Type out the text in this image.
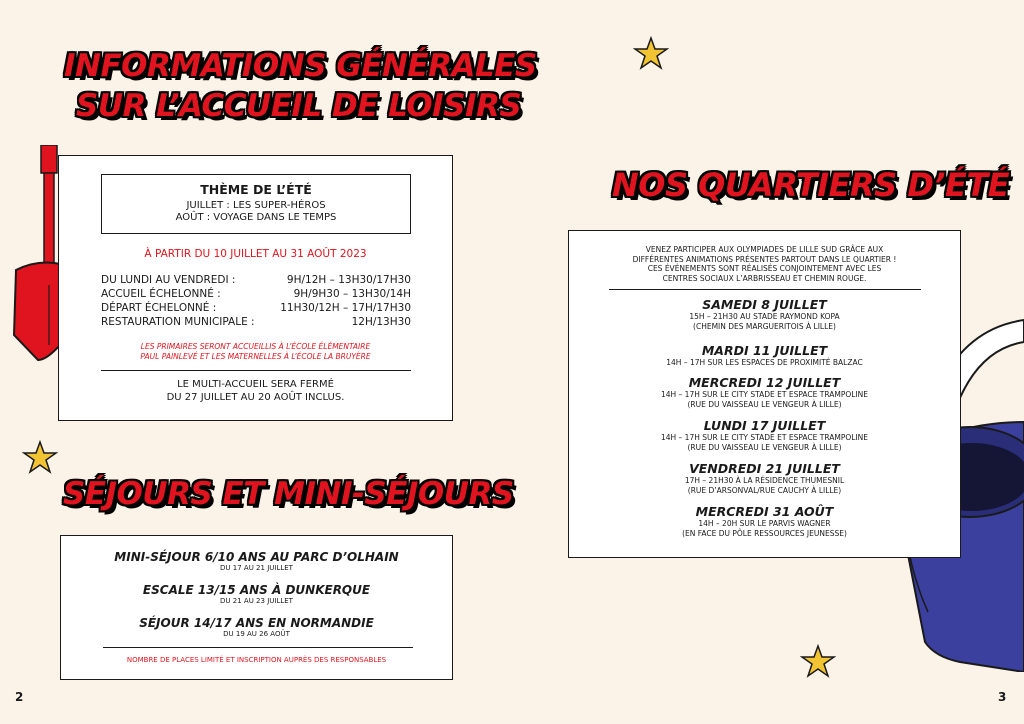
INFORMATIONS GÉNÉRALES
SUR L’ACCUEIL DE LOISIRS
THÈME DE L’ÉTÉ
JUILLET : LES SUPER-HÉROS
AOÛT : VOYAGE DANS LE TEMPS
À PARTIR DU 10 JUILLET AU 31 AOÛT 2023
DU LUNDI AU VENDREDI :	9H/12H – 13H30/17H30
ACCUEIL ÉCHELONNÉ :	9H/9H30 – 13H30/14H
DÉPART ÉCHELONNÉ :	11H30/12H – 17H/17H30
RESTAURATION MUNICIPALE :	12H/13H30
LES PRIMAIRES SERONT ACCUEILLIS À L’ÉCOLE ÉLÉMENTAIRE
PAUL PAINLEVÉ ET LES MATERNELLES À L’ÉCOLE LA BRUYÈRE
LE MULTI-ACCUEIL SERA FERMÉ
DU 27 JUILLET AU 20 AOÛT INCLUS.
SÉJOURS ET MINI-SÉJOURS
MINI-SÉJOUR 6/10 ANS AU PARC D’OLHAIN
DU 17 AU 21 JUILLET
ESCALE 13/15 ANS À DUNKERQUE
DU 21 AU 23 JUILLET
SÉJOUR 14/17 ANS EN NORMANDIE
DU 19 AU 26 AOÛT
NOMBRE DE PLACES LIMITÉ ET INSCRIPTION AUPRÈS DES RESPONSABLES
2
NOS QUARTIERS D’ÉTÉ
VENEZ PARTICIPER AUX OLYMPIADES DE LILLE SUD GRÂCE AUX
DIFFÉRENTES ANIMATIONS PRÉSENTES PARTOUT DANS LE QUARTIER !
CES ÉVÉNEMENTS SONT RÉALISÉS CONJOINTEMENT AVEC LES
CENTRES SOCIAUX L’ARBRISSEAU ET CHEMIN ROUGE.
SAMEDI 8 JUILLET
15H – 21H30 AU STADE RAYMOND KOPA
(CHEMIN DES MARGUERITOIS À LILLE)
MARDI 11 JUILLET
14H – 17H SUR LES ESPACES DE PROXIMITÉ BALZAC
MERCREDI 12 JUILLET
14H – 17H SUR LE CITY STADE ET ESPACE TRAMPOLINE
(RUE DU VAISSEAU LE VENGEUR À LILLE)
LUNDI 17 JUILLET
14H – 17H SUR LE CITY STADE ET ESPACE TRAMPOLINE
(RUE DU VAISSEAU LE VENGEUR À LILLE)
VENDREDI 21 JUILLET
17H – 21H30 À LA RÉSIDENCE THUMESNIL
(RUE D’ARSONVAL/RUE CAUCHY À LILLE)
MERCREDI 31 AOÛT
14H – 20H SUR LE PARVIS WAGNER
(EN FACE DU PÔLE RESSOURCES JEUNESSE)
3
